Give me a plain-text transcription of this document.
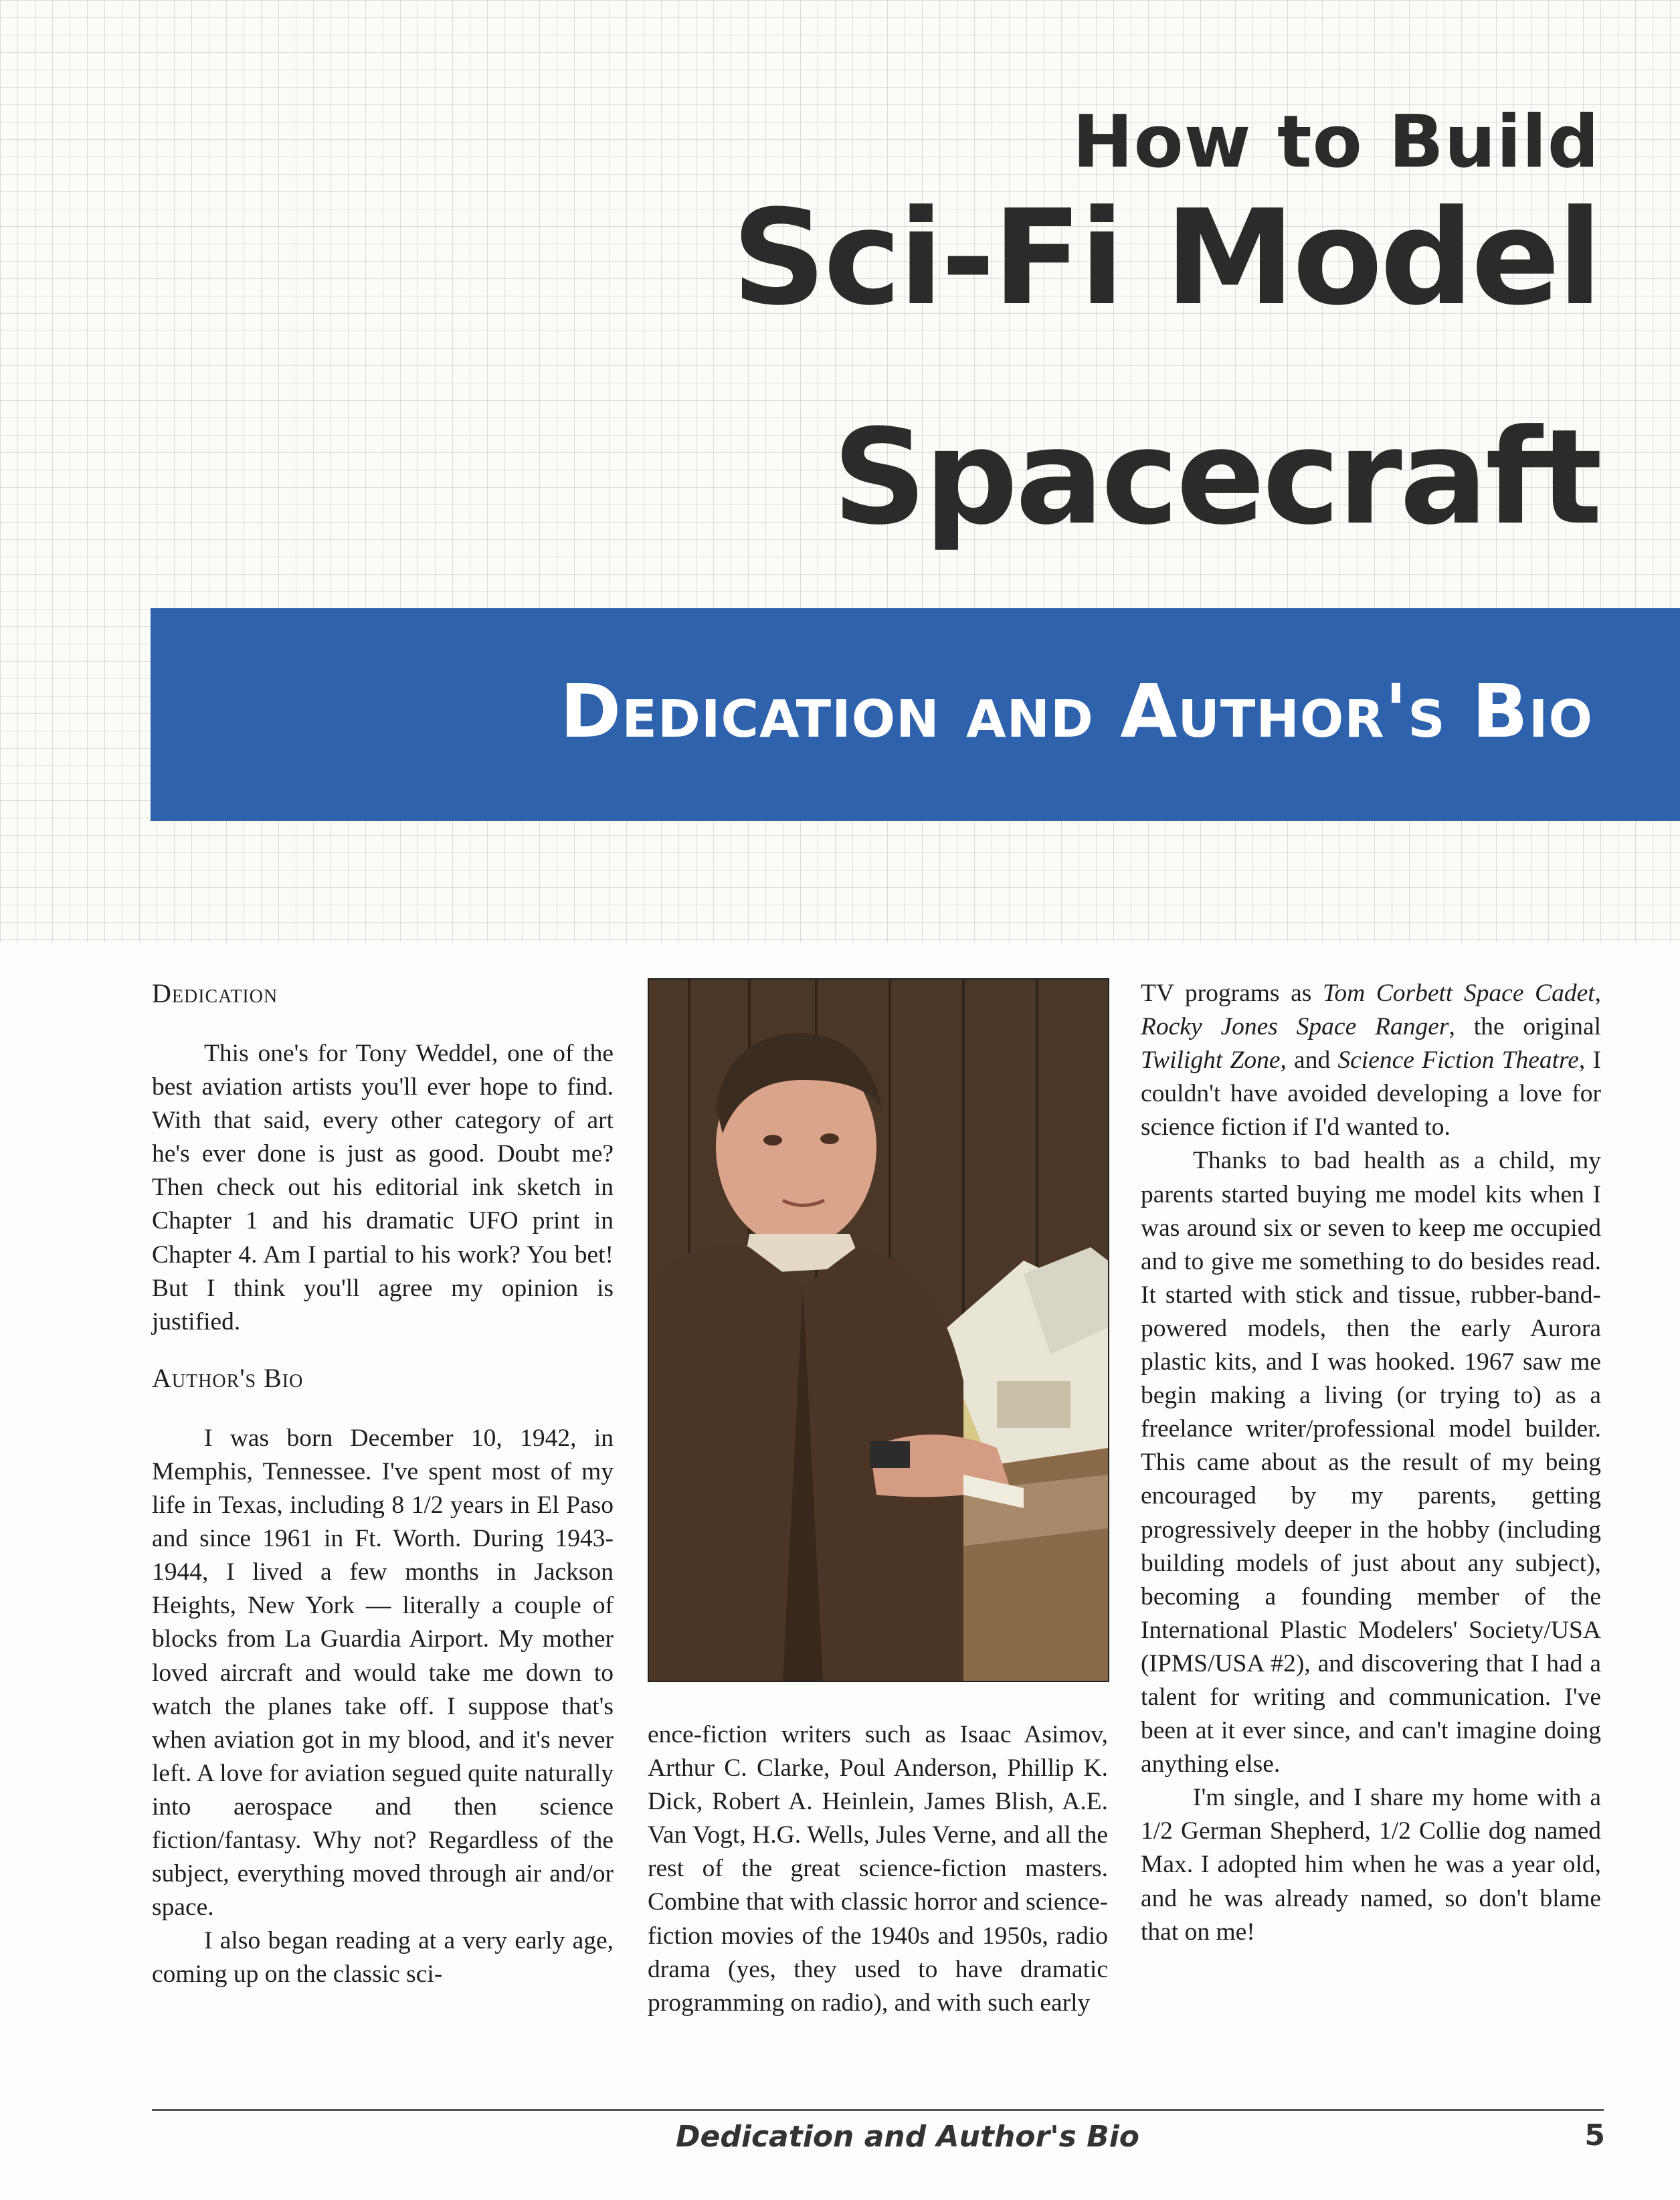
How to Build
Sci-Fi Model
Spacecraft
Dedication and Author's Bio
Dedication

This one's for Tony Weddel, one of the best aviation artists you'll ever hope to find. With that said, every other category of art he's ever done is just as good. Doubt me? Then check out his editorial ink sketch in Chapter 1 and his dramatic UFO print in Chapter 4. Am I partial to his work? You bet! But I think you'll agree my opinion is justified.

Author's Bio

I was born December 10, 1942, in Memphis, Tennessee. I've spent most of my life in Texas, including 8 1/2 years in El Paso and since 1961 in Ft. Worth. During 1943-1944, I lived a few months in Jackson Heights, New York — literally a couple of blocks from La Guardia Airport. My mother loved aircraft and would take me down to watch the planes take off. I suppose that's when aviation got in my blood, and it's never left. A love for aviation segued quite naturally into aerospace and then science fiction/fantasy. Why not? Regardless of the subject, everything moved through air and/or space.

I also began reading at a very early age, coming up on the classic sci-

ence-fiction writers such as Isaac Asimov, Arthur C. Clarke, Poul Anderson, Phillip K. Dick, Robert A. Heinlein, James Blish, A.E. Van Vogt, H.G. Wells, Jules Verne, and all the rest of the great science-fiction masters. Combine that with classic horror and science-fiction movies of the 1940s and 1950s, radio drama (yes, they used to have dramatic programming on radio), and with such early

TV programs as Tom Corbett Space Cadet, Rocky Jones Space Ranger, the original Twilight Zone, and Science Fiction Theatre, I couldn't have avoided developing a love for science fiction if I'd wanted to.

Thanks to bad health as a child, my parents started buying me model kits when I was around six or seven to keep me occupied and to give me something to do besides read. It started with stick and tissue, rubber-band-powered models, then the early Aurora plastic kits, and I was hooked. 1967 saw me begin making a living (or trying to) as a freelance writer/professional model builder. This came about as the result of my being encouraged by my parents, getting progressively deeper in the hobby (including building models of just about any subject), becoming a founding member of the International Plastic Modelers' Society/USA (IPMS/USA #2), and discovering that I had a talent for writing and communication. I've been at it ever since, and can't imagine doing anything else.

I'm single, and I share my home with a 1/2 German Shepherd, 1/2 Collie dog named Max. I adopted him when he was a year old, and he was already named, so don't blame that on me!

Dedication and Author's Bio	5
